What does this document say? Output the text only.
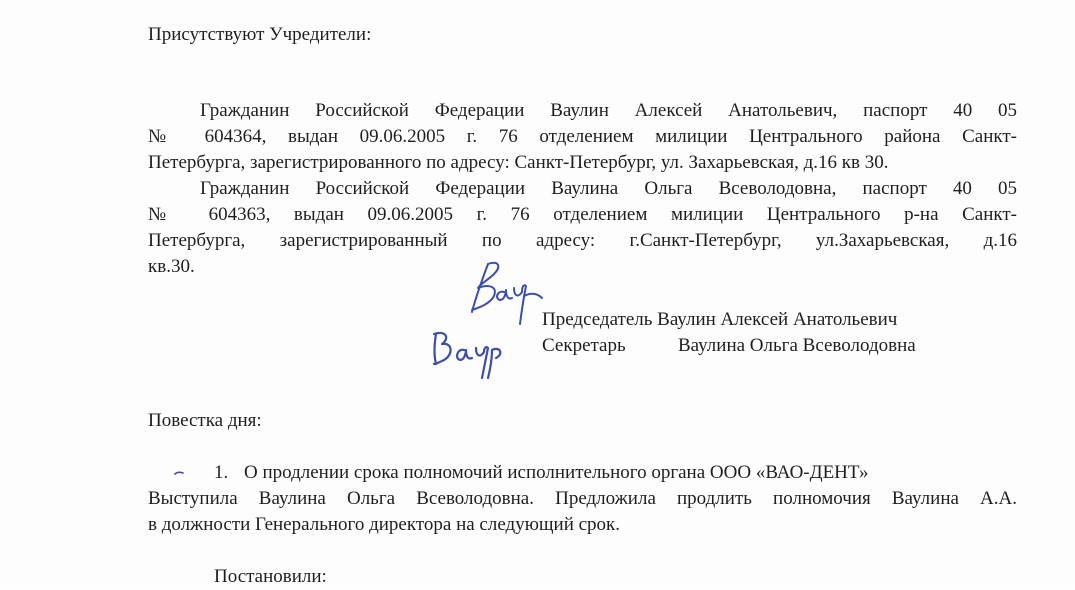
Присутствуют Учредители:
Гражданин Российской Федерации Ваулин Алексей Анатольевич, паспорт 40 05
№ 604364, выдан 09.06.2005 г. 76 отделением милиции Центрального района Санкт-
Петербурга, зарегистрированного по адресу: Санкт-Петербург, ул. Захарьевская, д.16 кв 30.
Гражданин Российской Федерации Ваулина Ольга Всеволодовна, паспорт 40 05
№ 604363, выдан 09.06.2005 г. 76 отделением милиции Центрального р-на Санкт-
Петербурга, зарегистрированный по адресу: г.Санкт-Петербург, ул.Захарьевская, д.16
кв.30.
Председатель Ваулин Алексей Анатольевич
Секретарь	Ваулина Ольга Всеволодовна
Повестка дня:
1. О продлении срока полномочий исполнительного органа ООО «ВАО-ДЕНТ»
Выступила Ваулина Ольга Всеволодовна. Предложила продлить полномочия Ваулина А.А.
в должности Генерального директора на следующий срок.
Постановили:
